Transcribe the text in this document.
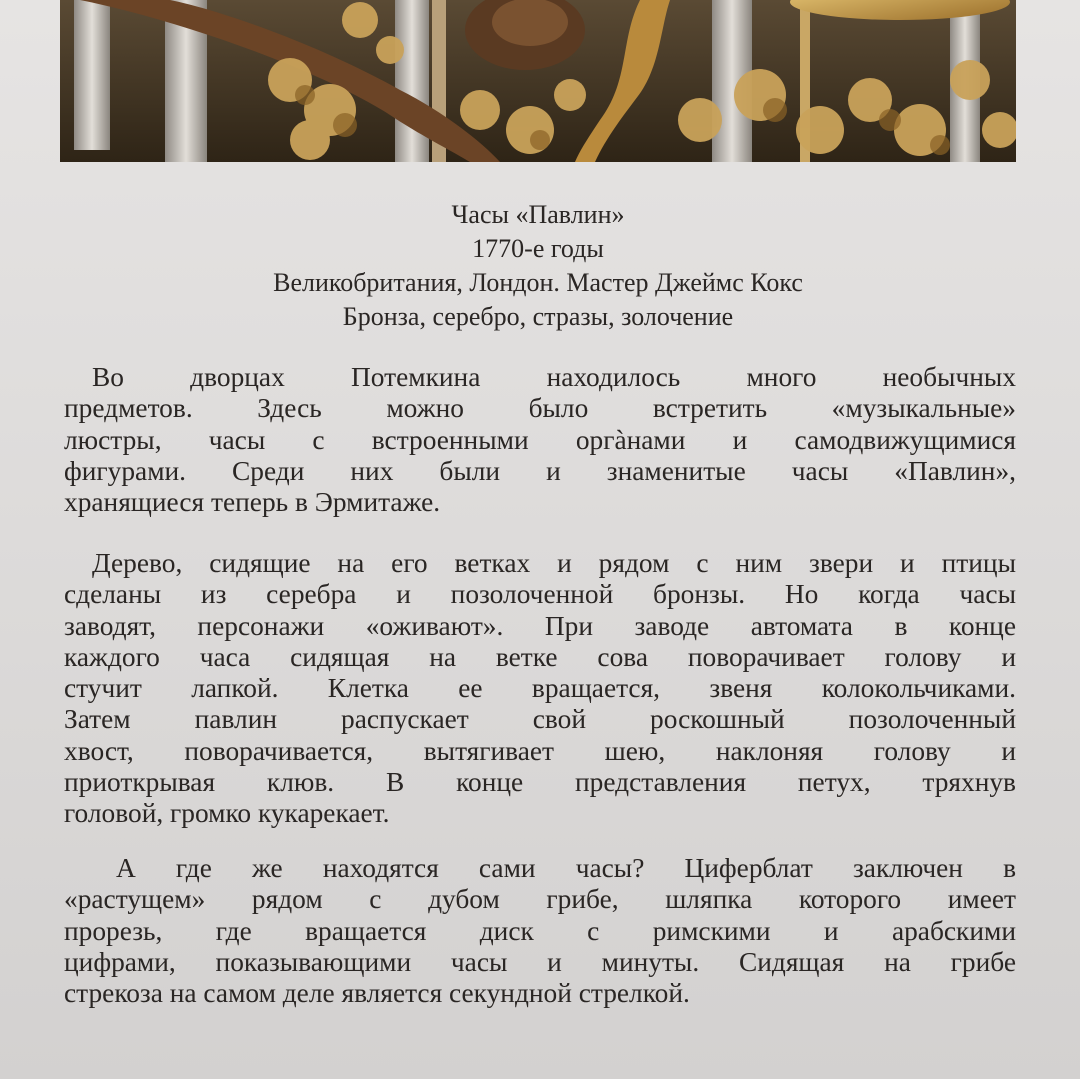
Часы «Павлин»
1770-е годы
Великобритания, Лондон. Мастер Джеймс Кокс
Бронза, серебро, стразы, золочение
Во дворцах Потемкина находилось много необычных
предметов. Здесь можно было встретить «музыкальные»
люстры, часы с встроенными оргàнами и самодвижущимися
фигурами. Среди них были и знаменитые часы «Павлин»,
хранящиеся теперь в Эрмитаже.
Дерево, сидящие на его ветках и рядом с ним звери и птицы
сделаны из серебра и позолоченной бронзы. Но когда часы
заводят, персонажи «оживают». При заводе автомата в конце
каждого часа сидящая на ветке сова поворачивает голову и
стучит лапкой. Клетка ее вращается, звеня колокольчиками.
Затем павлин распускает свой роскошный позолоченный
хвост, поворачивается, вытягивает шею, наклоняя голову и
приоткрывая клюв. В конце представления петух, тряхнув
головой, громко кукарекает.
А где же находятся сами часы? Циферблат заключен в
«растущем» рядом с дубом грибе, шляпка которого имеет
прорезь, где вращается диск с римскими и арабскими
цифрами, показывающими часы и минуты. Сидящая на грибе
стрекоза на самом деле является секундной стрелкой.
